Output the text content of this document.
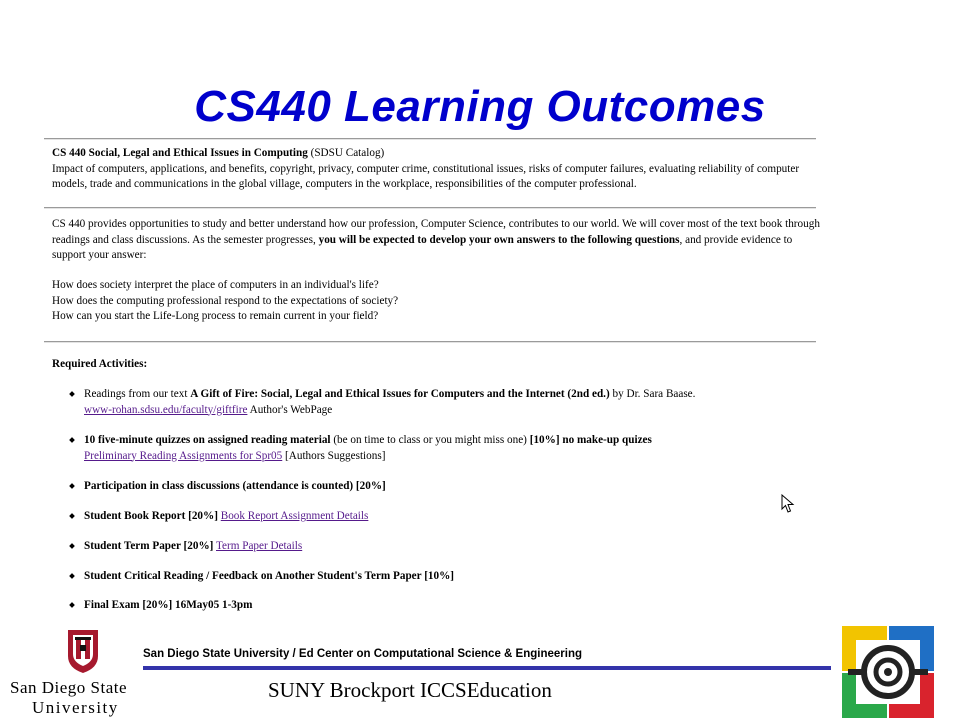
CS440 Learning Outcomes
CS 440 Social, Legal and Ethical Issues in Computing (SDSU Catalog)
Impact of computers, applications, and benefits, copyright, privacy, computer crime, constitutional issues, risks of computer failures, evaluating reliability of computer models, trade and communications in the global village, computers in the workplace, responsibilities of the computer professional.
CS 440 provides opportunities to study and better understand how our profession, Computer Science, contributes to our world. We will cover most of the text book through readings and class discussions. As the semester progresses, you will be expected to develop your own answers to the following questions, and provide evidence to support your answer:
How does society interpret the place of computers in an individual's life?
How does the computing professional respond to the expectations of society?
How can you start the Life-Long process to remain current in your field?
Required Activities:
Readings from our text A Gift of Fire: Social, Legal and Ethical Issues for Computers and the Internet (2nd ed.) by Dr. Sara Baase.
www-rohan.sdsu.edu/faculty/giftfire Author's WebPage
10 five-minute quizzes on assigned reading material (be on time to class or you might miss one) [10%] no make-up quizes
Preliminary Reading Assignments for Spr05 [Authors Suggestions]
Participation in class discussions (attendance is counted) [20%]
Student Book Report [20%] Book Report Assignment Details
Student Term Paper [20%] Term Paper Details
Student Critical Reading / Feedback on Another Student's Term Paper [10%]
Final Exam [20%] 16May05 1-3pm
San Diego State University / Ed Center on Computational Science & Engineering
SUNY Brockport ICCSEducation
San Diego State
University
